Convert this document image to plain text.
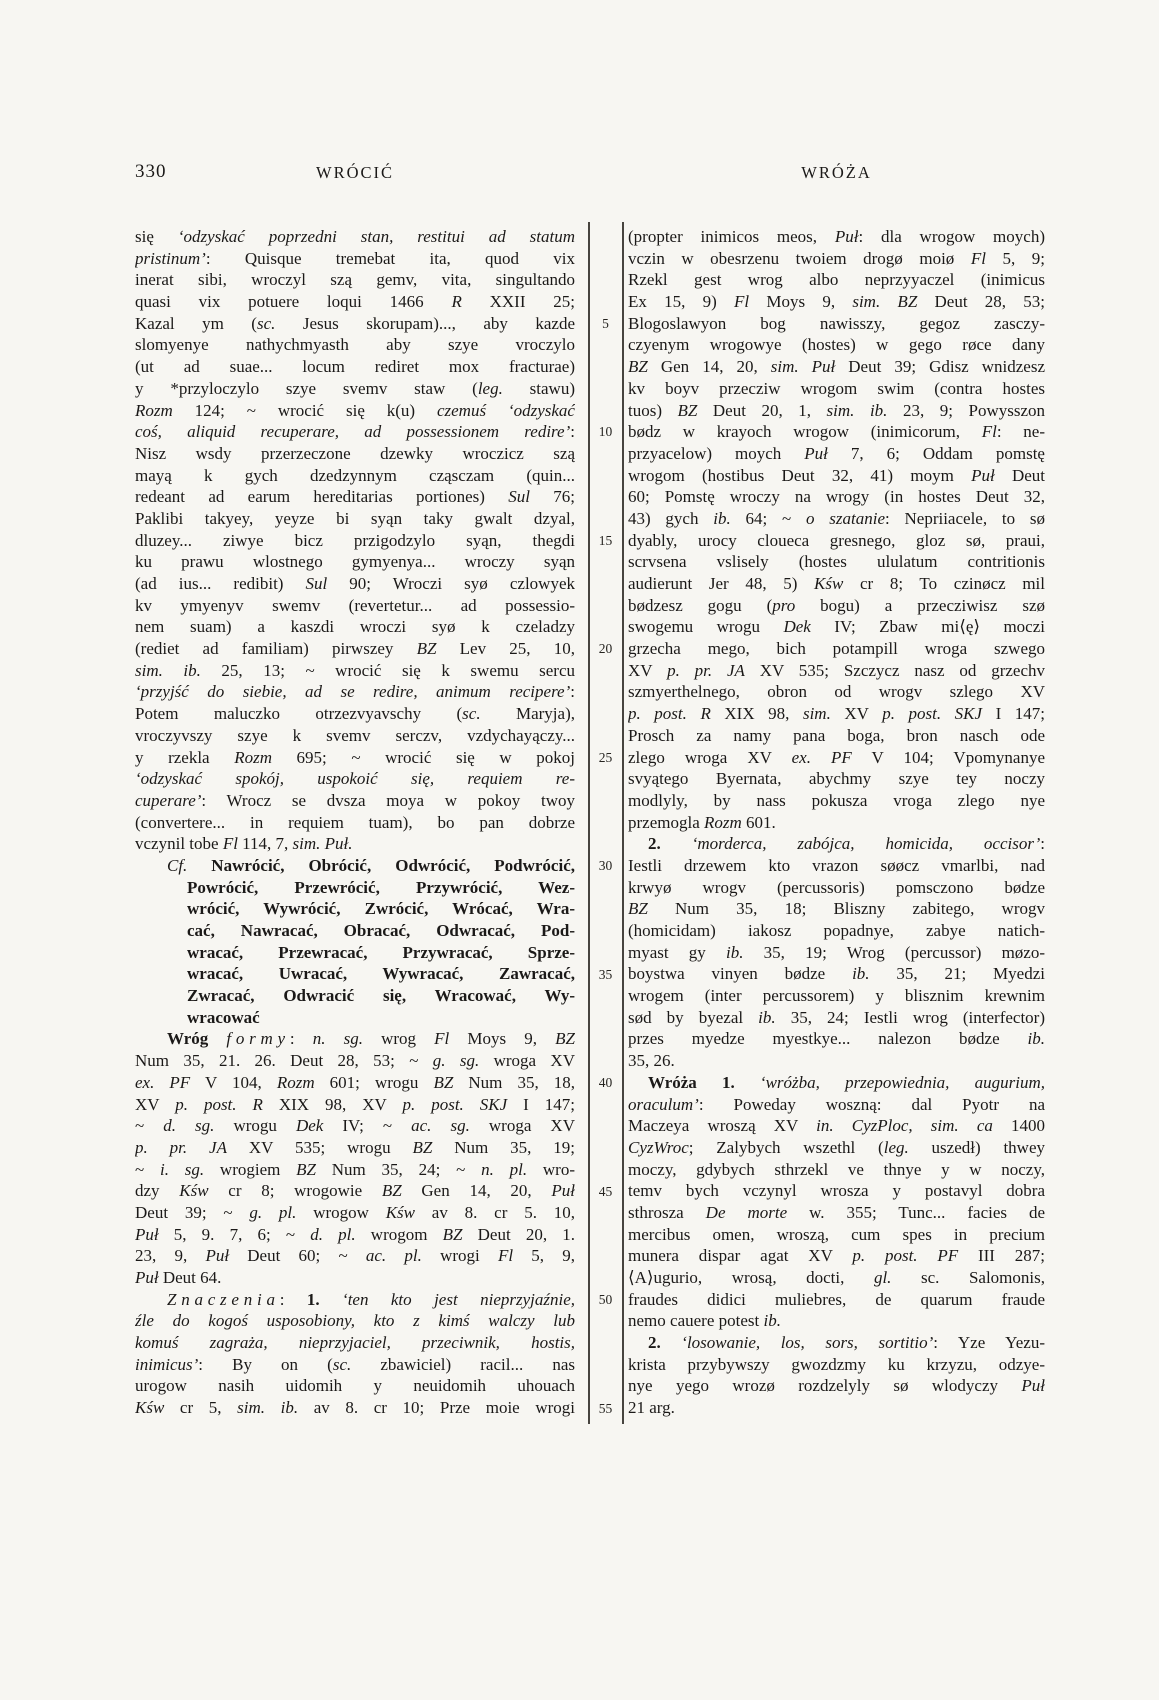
330	WRÓCIĆ	WRÓŻA
się ‘odzyskać poprzedni stan, restitui ad statum
pristinum’: Quisque tremebat ita, quod vix
inerat sibi, wroczyl szą gemv, vita, singultando
quasi vix potuere loqui 1466 R XXII 25;
Kazal ym (sc. Jesus skorupam)..., aby kazde
slomyenye nathychmyasth aby szye vroczylo
(ut ad suae... locum rediret mox fracturae)
y *przyloczylo szye svemv staw (leg. stawu)
Rozm 124; ~ wrocić się k(u) czemuś ‘odzyskać
coś, aliquid recuperare, ad possessionem redire’:
Nisz wsdy przerzeczone dzewky wroczicz szą
mayą k gych dzedzynnym cząsczam (quin...
redeant ad earum hereditarias portiones) Sul 76;
Paklibi takyey, yeyze bi syąn taky gwalt dzyal,
dluzey... ziwye bicz przigodzylo syąn, thegdi
ku prawu wlostnego gymyenya... wroczy syąn
(ad ius... redibit) Sul 90; Wroczi syø czlowyek
kv ymyenyv swemv (revertetur... ad possessio-
nem suam) a kaszdi wroczi syø k czeladzy
(rediet ad familiam) pirwszey BZ Lev 25, 10,
sim. ib. 25, 13; ~ wrocić się k swemu sercu
‘przyjść do siebie, ad se redire, animum recipere’:
Potem maluczko otrzezvyavschy (sc. Maryja),
vroczyvszy szye k svemv serczv, vzdychayączy...
y rzekla Rozm 695; ~ wrocić się w pokoj
‘odzyskać spokój, uspokoić się, requiem re-
cuperare’: Wrocz se dvsza moya w pokoy twoy
(convertere... in requiem tuam), bo pan dobrze
vczynil tobe Fl 114, 7, sim. Puł.
Cf. Nawrócić, Obrócić, Odwrócić, Podwrócić,
Powrócić, Przewrócić, Przywrócić, Wez-
wrócić, Wywrócić, Zwrócić, Wrócać, Wra-
cać, Nawracać, Obracać, Odwracać, Pod-
wracać, Przewracać, Przywracać, Sprze-
wracać, Uwracać, Wywracać, Zawracać,
Zwracać, Odwracić się, Wracować, Wy-
wracować
Wróg formy: n. sg. wrog Fl Moys 9, BZ
Num 35, 21. 26. Deut 28, 53; ~ g. sg. wroga XV
ex. PF V 104, Rozm 601; wrogu BZ Num 35, 18,
XV p. post. R XIX 98, XV p. post. SKJ I 147;
~ d. sg. wrogu Dek IV; ~ ac. sg. wroga XV
p. pr. JA XV 535; wrogu BZ Num 35, 19;
~ i. sg. wrogiem BZ Num 35, 24; ~ n. pl. wro-
dzy Kśw cr 8; wrogowie BZ Gen 14, 20, Puł
Deut 39; ~ g. pl. wrogow Kśw av 8. cr 5. 10,
Puł 5, 9. 7, 6; ~ d. pl. wrogom BZ Deut 20, 1.
23, 9, Puł Deut 60; ~ ac. pl. wrogi Fl 5, 9,
Puł Deut 64.
Znaczenia: 1. ‘ten kto jest nieprzyjaźnie,
źle do kogoś usposobiony, kto z kimś walczy lub
komuś zagraża, nieprzyjaciel, przeciwnik, hostis,
inimicus’: By on (sc. zbawiciel) racil... nas
urogow nasih uidomih y neuidomih uhouach
Kśw cr 5, sim. ib. av 8. cr 10; Prze moie wrogi
5
10
15
20
25
30
35
40
45
50
55
(propter inimicos meos, Puł: dla wrogow moych)
vczin w obesrzenu twoiem drogø moiø Fl 5, 9;
Rzekl gest wrog albo neprzyyaczel (inimicus
Ex 15, 9) Fl Moys 9, sim. BZ Deut 28, 53;
Blogoslawyon bog nawisszy, gegoz zasczy-
czyenym wrogowye (hostes) w gego røce dany
BZ Gen 14, 20, sim. Puł Deut 39; Gdisz wnidzesz
kv boyv przecziw wrogom swim (contra hostes
tuos) BZ Deut 20, 1, sim. ib. 23, 9; Powysszon
bødz w krayoch wrogow (inimicorum, Fl: ne-
przyacelow) moych Puł 7, 6; Oddam pomstę
wrogom (hostibus Deut 32, 41) moym Puł Deut
60; Pomstę wroczy na wrogy (in hostes Deut 32,
43) gych ib. 64; ~ o szatanie: Nepriiacele, to sø
dyably, urocy cloueca gresnego, gloz sø, praui,
scrvsena vslisely (hostes ululatum contritionis
audierunt Jer 48, 5) Kśw cr 8; To czinøcz mil
bødzesz gogu (pro bogu) a przecziwisz szø
swogemu wrogu Dek IV; Zbaw mi⟨ę⟩ moczi
grzecha mego, bich potampill wroga szwego
XV p. pr. JA XV 535; Szczycz nasz od grzechv
szmyerthelnego, obron od wrogv szlego XV
p. post. R XIX 98, sim. XV p. post. SKJ I 147;
Prosch za namy pana boga, bron nasch ode
zlego wroga XV ex. PF V 104; Vpomynanye
svyątego Byernata, abychmy szye tey noczy
modlyly, by nass pokusza vroga zlego nye
przemogla Rozm 601.
2. ‘morderca, zabójca, homicida, occisor’:
Iestli drzewem kto vrazon søøcz vmarlbi, nad
krwyø wrogv (percussoris) pomsczono bødze
BZ Num 35, 18; Bliszny zabitego, wrogv
(homicidam) iakosz popadnye, zabye natich-
myast gy ib. 35, 19; Wrog (percussor) møzo-
boystwa vinyen bødze ib. 35, 21; Myedzi
wrogem (inter percussorem) y blisznim krewnim
sød by byezal ib. 35, 24; Iestli wrog (interfector)
przes myedze myestkye... nalezon bødze ib.
35, 26.
Wróża 1. ‘wróżba, przepowiednia, augurium,
oraculum’: Poweday woszną: dal Pyotr na
Maczeya wroszą XV in. CyzPloc, sim. ca 1400
CyzWroc; Zalybych wszethl (leg. uszedł) thwey
moczy, gdybych sthrzekl ve thnye y w noczy,
temv bych vczynyl wrosza y postavyl dobra
sthrosza De morte w. 355; Tunc... facies de
mercibus omen, wroszą, cum spes in precium
munera dispar agat XV p. post. PF III 287;
⟨A⟩ugurio, wrosą, docti, gl. sc. Salomonis,
fraudes didici muliebres, de quarum fraude
nemo cauere potest ib.
2. ‘losowanie, los, sors, sortitio’: Yze Yezu-
krista przybywszy gwozdzmy ku krzyzu, odzye-
nye yego wrozø rozdzelyly sø wlodyczy Puł
21 arg.
